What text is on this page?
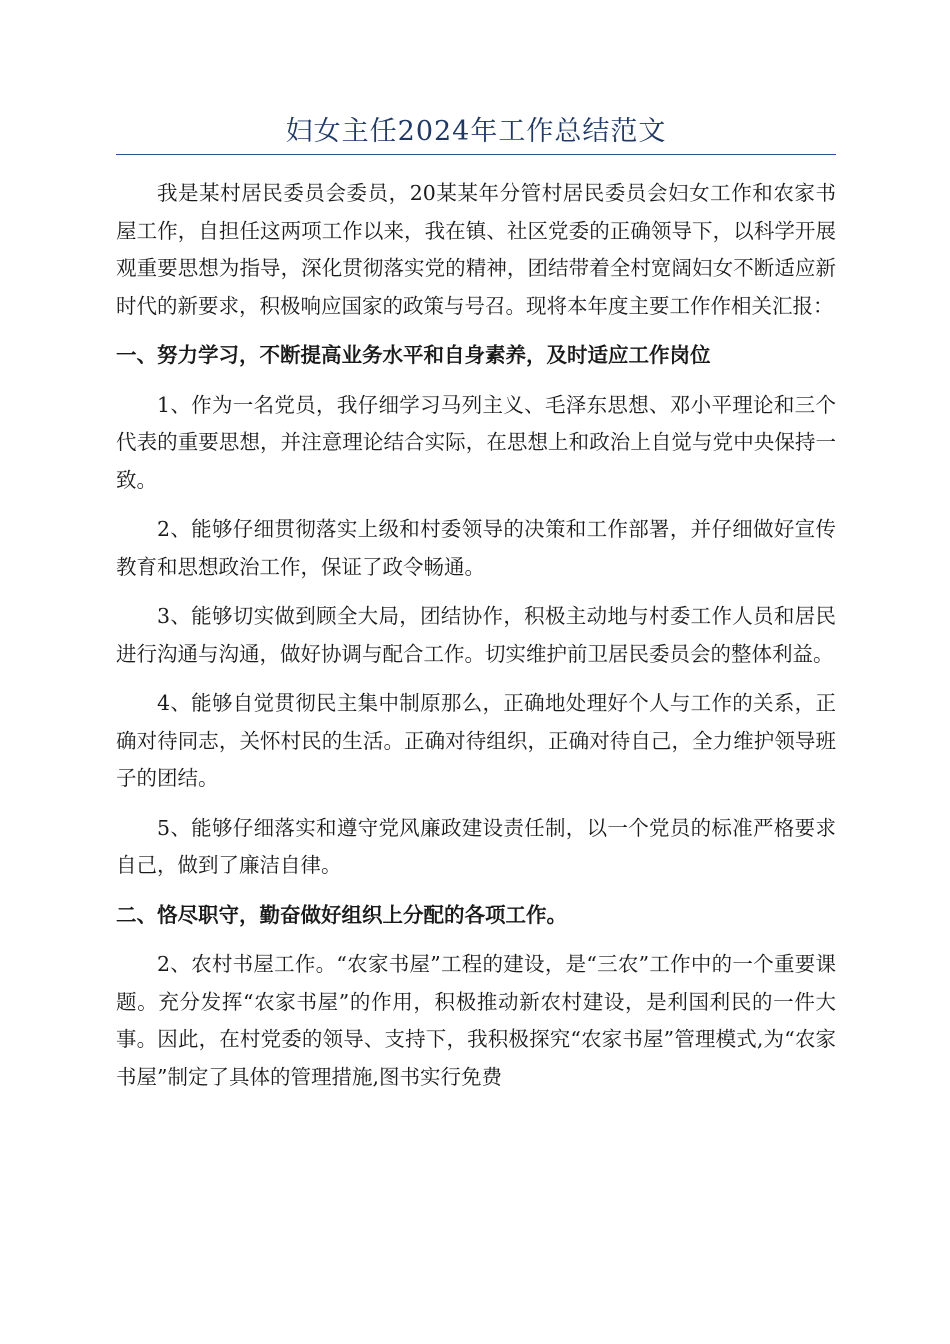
妇女主任2024年工作总结范文

我是某村居民委员会委员，20某某年分管村居民委员会妇女工作和农家书屋工作，自担任这两项工作以来，我在镇、社区党委的正确领导下，以科学开展观重要思想为指导，深化贯彻落实党的精神，团结带着全村宽阔妇女不断适应新时代的新要求，积极响应国家的政策与号召。现将本年度主要工作作相关汇报：

一、努力学习，不断提高业务水平和自身素养，及时适应工作岗位

1、作为一名党员，我仔细学习马列主义、毛泽东思想、邓小平理论和三个代表的重要思想，并注意理论结合实际，在思想上和政治上自觉与党中央保持一致。

2、能够仔细贯彻落实上级和村委领导的决策和工作部署，并仔细做好宣传教育和思想政治工作，保证了政令畅通。

3、能够切实做到顾全大局，团结协作，积极主动地与村委工作人员和居民进行沟通与沟通，做好协调与配合工作。切实维护前卫居民委员会的整体利益。

4、能够自觉贯彻民主集中制原那么，正确地处理好个人与工作的关系，正确对待同志，关怀村民的生活。正确对待组织，正确对待自己，全力维护领导班子的团结。

5、能够仔细落实和遵守党风廉政建设责任制，以一个党员的标准严格要求自己，做到了廉洁自律。

二、恪尽职守，勤奋做好组织上分配的各项工作。

2、农村书屋工作。“农家书屋”工程的建设，是“三农”工作中的一个重要课题。充分发挥“农家书屋”的作用，积极推动新农村建设，是利国利民的一件大事。因此，在村党委的领导、支持下，我积极探究“农家书屋”管理模式,为“农家书屋”制定了具体的管理措施,图书实行免费
